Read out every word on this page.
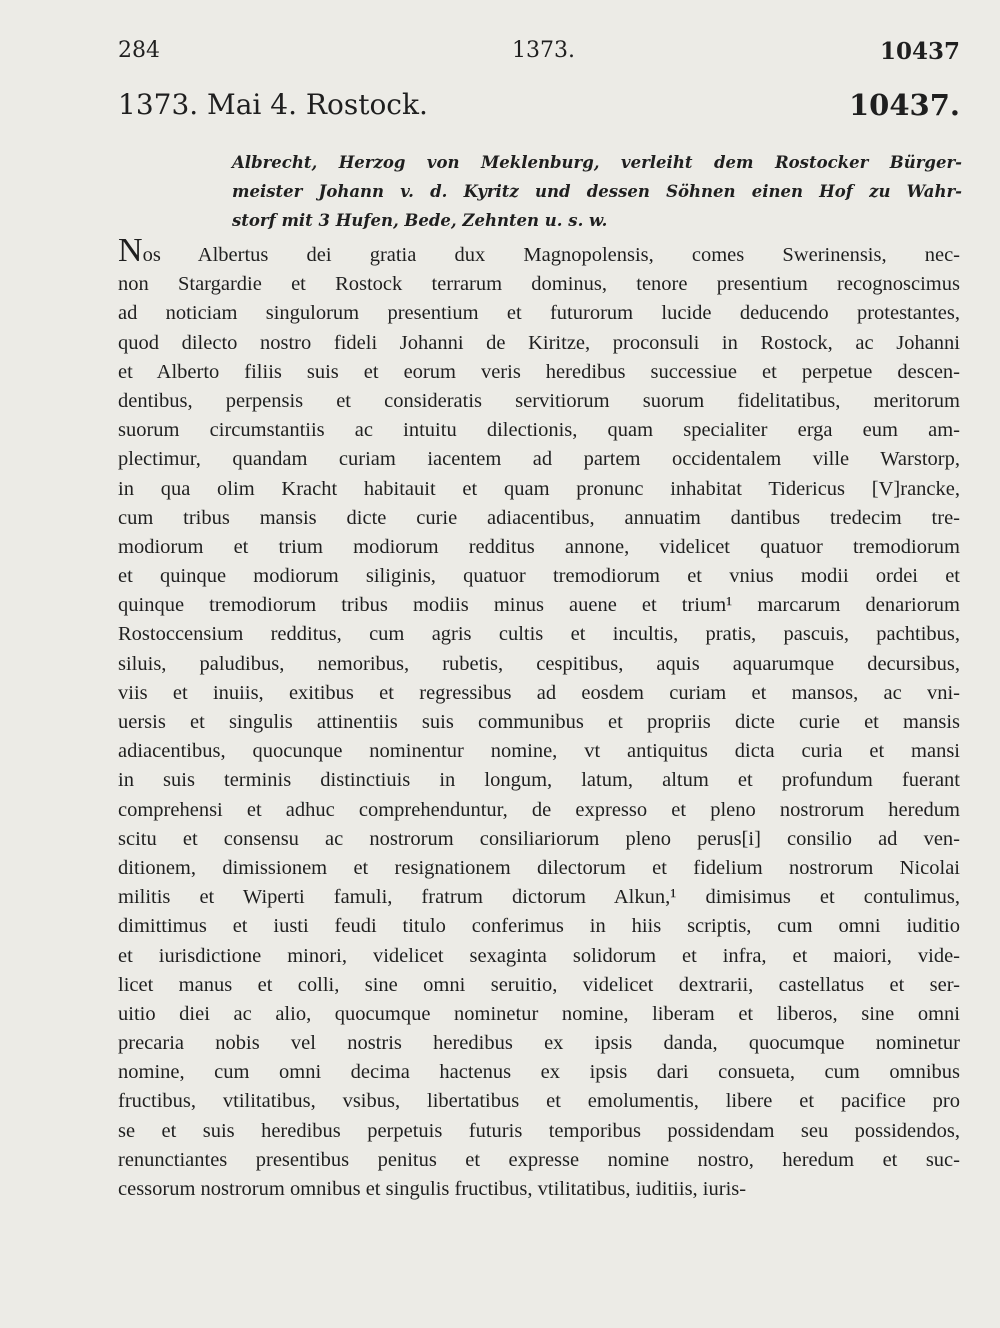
284	1373.	10437
1373. Mai 4. Rostock.	10437.
Albrecht, Herzog von Meklenburg, verleiht dem Rostocker Bürger-
meister Johann v. d. Kyritz und dessen Söhnen einen Hof zu Wahr-
storf mit 3 Hufen, Bede, Zehnten u. s. w.
Nos Albertus dei gratia dux Magnopolensis, comes Swerinensis, nec-
non Stargardie et Rostock terrarum dominus, tenore presentium recognoscimus
ad noticiam singulorum presentium et futurorum lucide deducendo protestantes,
quod dilecto nostro fideli Johanni de Kiritze, proconsuli in Rostock, ac Johanni
et Alberto filiis suis et eorum veris heredibus successiue et perpetue descen-
dentibus, perpensis et consideratis servitiorum suorum fidelitatibus, meritorum
suorum circumstantiis ac intuitu dilectionis, quam specialiter erga eum am-
plectimur, quandam curiam iacentem ad partem occidentalem ville Warstorp,
in qua olim Kracht habitauit et quam pronunc inhabitat Tidericus [V]rancke,
cum tribus mansis dicte curie adiacentibus, annuatim dantibus tredecim tre-
modiorum et trium modiorum redditus annone, videlicet quatuor tremodiorum
et quinque modiorum siliginis, quatuor tremodiorum et vnius modii ordei et
quinque tremodiorum tribus modiis minus auene et trium¹ marcarum denariorum
Rostoccensium redditus, cum agris cultis et incultis, pratis, pascuis, pachtibus,
siluis, paludibus, nemoribus, rubetis, cespitibus, aquis aquarumque decursibus,
viis et inuiis, exitibus et regressibus ad eosdem curiam et mansos, ac vni-
uersis et singulis attinentiis suis communibus et propriis dicte curie et mansis
adiacentibus, quocunque nominentur nomine, vt antiquitus dicta curia et mansi
in suis terminis distinctiuis in longum, latum, altum et profundum fuerant
comprehensi et adhuc comprehenduntur, de expresso et pleno nostrorum heredum
scitu et consensu ac nostrorum consiliariorum pleno perus[i] consilio ad ven-
ditionem, dimissionem et resignationem dilectorum et fidelium nostrorum Nicolai
militis et Wiperti famuli, fratrum dictorum Alkun,¹ dimisimus et contulimus,
dimittimus et iusti feudi titulo conferimus in hiis scriptis, cum omni iuditio
et iurisdictione minori, videlicet sexaginta solidorum et infra, et maiori, vide-
licet manus et colli, sine omni seruitio, videlicet dextrarii, castellatus et ser-
uitio diei ac alio, quocumque nominetur nomine, liberam et liberos, sine omni
precaria nobis vel nostris heredibus ex ipsis danda, quocumque nominetur
nomine, cum omni decima hactenus ex ipsis dari consueta, cum omnibus
fructibus, vtilitatibus, vsibus, libertatibus et emolumentis, libere et pacifice pro
se et suis heredibus perpetuis futuris temporibus possidendam seu possidendos,
renunctiantes presentibus penitus et expresse nomine nostro, heredum et suc-
cessorum nostrorum omnibus et singulis fructibus, vtilitatibus, iuditiis, iuris-
